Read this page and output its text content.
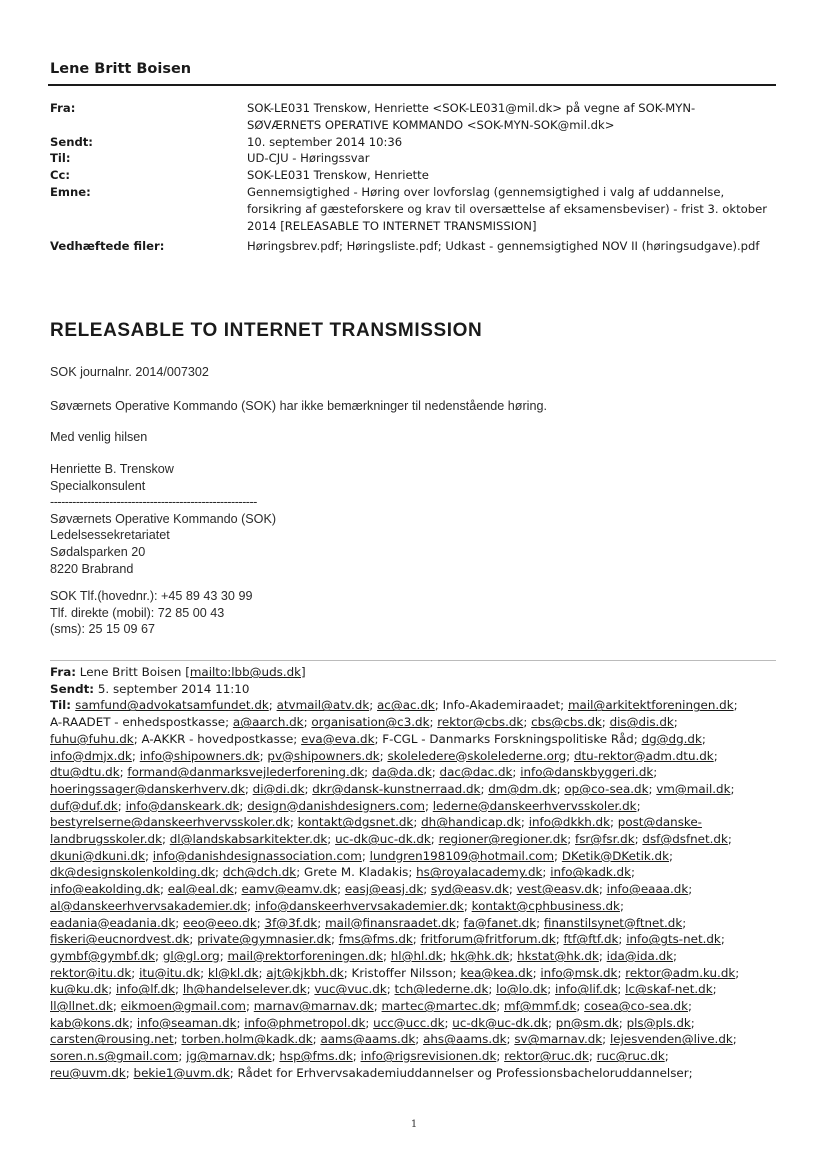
Lene Britt Boisen
Fra:	SOK-LE031 Trenskow, Henriette <SOK-LE031@mil.dk> på vegne af SOK-MYN-SØVÆRNETS OPERATIVE KOMMANDO <SOK-MYN-SOK@mil.dk>
Sendt:	10. september 2014 10:36
Til:	UD-CJU - Høringssvar
Cc:	SOK-LE031 Trenskow, Henriette
Emne:	Gennemsigtighed - Høring over lovforslag (gennemsigtighed i valg af uddannelse, forsikring af gæsteforskere og krav til oversættelse af eksamensbeviser) - frist 3. oktober 2014 [RELEASABLE TO INTERNET TRANSMISSION]
Vedhæftede filer:	Høringsbrev.pdf; Høringsliste.pdf; Udkast - gennemsigtighed NOV II (høringsudgave).pdf
RELEASABLE TO INTERNET TRANSMISSION
SOK journalnr. 2014/007302
Søværnets Operative Kommando (SOK) har ikke bemærkninger til nedenstående høring.
Med venlig hilsen
Henriette B. Trenskow
Specialkonsulent
--------------------------------------------------------
Søværnets Operative Kommando (SOK)
Ledelsessekretariatet
Sødalsparken 20
8220 Brabrand
SOK Tlf.(hovednr.): +45 89 43 30 99
Tlf. direkte (mobil): 72 85 00 43
(sms): 25 15 09 67
Fra: Lene Britt Boisen [mailto:lbb@uds.dk]
Sendt: 5. september 2014 11:10
Til: samfund@advokatsamfundet.dk; atvmail@atv.dk; ac@ac.dk; Info-Akademiraadet; mail@arkitektforeningen.dk;
A-RAADET - enhedspostkasse; a@aarch.dk; organisation@c3.dk; rektor@cbs.dk; cbs@cbs.dk; dis@dis.dk;
fuhu@fuhu.dk; A-AKKR - hovedpostkasse; eva@eva.dk; F-CGL - Danmarks Forskningspolitiske Råd; dg@dg.dk;
info@dmjx.dk; info@shipowners.dk; pv@shipowners.dk; skoleledere@skolelederne.org; dtu-rektor@adm.dtu.dk;
dtu@dtu.dk; formand@danmarksvejlederforening.dk; da@da.dk; dac@dac.dk; info@danskbyggeri.dk;
hoeringssager@danskerhverv.dk; di@di.dk; dkr@dansk-kunstnerraad.dk; dm@dm.dk; op@co-sea.dk; vm@mail.dk;
duf@duf.dk; info@danskeark.dk; design@danishdesigners.com; lederne@danskeerhvervsskoler.dk;
bestyrelserne@danskeerhvervsskoler.dk; kontakt@dgsnet.dk; dh@handicap.dk; info@dkkh.dk; post@danske-
landbrugsskoler.dk; dl@landskabsarkitekter.dk; uc-dk@uc-dk.dk; regioner@regioner.dk; fsr@fsr.dk; dsf@dsfnet.dk;
dkuni@dkuni.dk; info@danishdesignassociation.com; lundgren198109@hotmail.com; DKetik@DKetik.dk;
dk@designskolenkolding.dk; dch@dch.dk; Grete M. Kladakis; hs@royalacademy.dk; info@kadk.dk;
info@eakolding.dk; eal@eal.dk; eamv@eamv.dk; easj@easj.dk; syd@easv.dk; vest@easv.dk; info@eaaa.dk;
al@danskeerhvervsakademier.dk; info@danskeerhvervsakademier.dk; kontakt@cphbusiness.dk;
eadania@eadania.dk; eeo@eeo.dk; 3f@3f.dk; mail@finansraadet.dk; fa@fanet.dk; finanstilsynet@ftnet.dk;
fiskeri@eucnordvest.dk; private@gymnasier.dk; fms@fms.dk; fritforum@fritforum.dk; ftf@ftf.dk; info@gts-net.dk;
gymbf@gymbf.dk; gl@gl.org; mail@rektorforeningen.dk; hl@hl.dk; hk@hk.dk; hkstat@hk.dk; ida@ida.dk;
rektor@itu.dk; itu@itu.dk; kl@kl.dk; ajt@kjkbh.dk; Kristoffer Nilsson; kea@kea.dk; info@msk.dk; rektor@adm.ku.dk;
ku@ku.dk; info@lf.dk; lh@handelselever.dk; vuc@vuc.dk; tch@lederne.dk; lo@lo.dk; info@lif.dk; lc@skaf-net.dk;
ll@llnet.dk; eikmoen@gmail.com; marnav@marnav.dk; martec@martec.dk; mf@mmf.dk; cosea@co-sea.dk;
kab@kons.dk; info@seaman.dk; info@phmetropol.dk; ucc@ucc.dk; uc-dk@uc-dk.dk; pn@sm.dk; pls@pls.dk;
carsten@rousing.net; torben.holm@kadk.dk; aams@aams.dk; ahs@aams.dk; sv@marnav.dk; lejesvenden@live.dk;
soren.n.s@gmail.com; jg@marnav.dk; hsp@fms.dk; info@rigsrevisionen.dk; rektor@ruc.dk; ruc@ruc.dk;
reu@uvm.dk; bekie1@uvm.dk; Rådet for Erhvervsakademiuddannelser og Professionsbacheloruddannelser;
1
